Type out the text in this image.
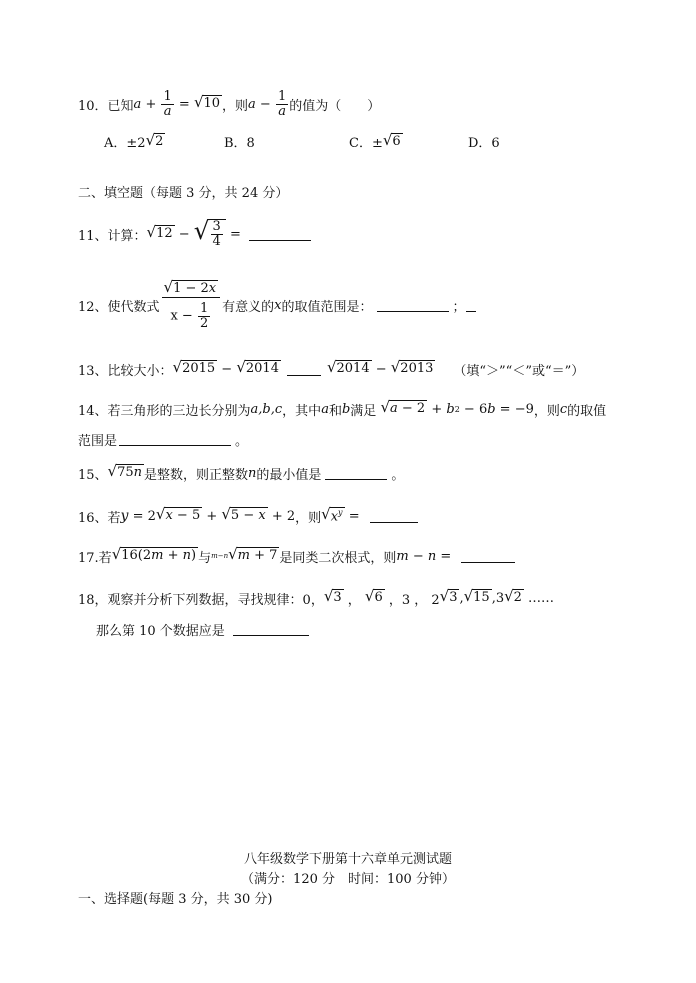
10．已知 $a + \frac{1}{a}$ = √ 10 ，则 $a - \frac{1}{a}$ 的值为（　　）
A．±2 √ 2	B．8	C．± √ 6	D．6
二、填空题（每题 3 分，共 24 分）
11、计算： √ 12 − √ $\frac{3}{4}$ =
12、使代数式 $\frac{√ 1 - 2x}{x - \frac{1}{2}}$ 有意义的 x 的取值范围是：	；
13、比较大小： √ 2015 − √ 2014	√ 2014 − √ 2013 （填“＞”“＜”或“＝”）
14、若三角形的三边长分别为 a,b,c ，其中 a 和 b 满足
√ a − 2 + b 2 − 6 b = −9 ，则 c 的取值
范围是	。
15、 √ 75n 是整数，则正整数 n 的最小值是	。
16、若 y = 2 √ x − 5 + √ 5 − x + 2 ，则 √ $x^y$ =
17.若 √ 16(2m + n) 与 m−n √ m + 7 是同类二次根式，则 m − n =
18，观察并分析下列数据，寻找规律：0， √ 3 ， √ 6 ，3 ， 2 √ 3 , √ 15 ,3 √ 2 ……
那么第 10 个数据应是
八年级数学下册第十六章单元测试题
（满分：120 分　时间：100 分钟）
一、选择题(每题 3 分，共 30 分)
